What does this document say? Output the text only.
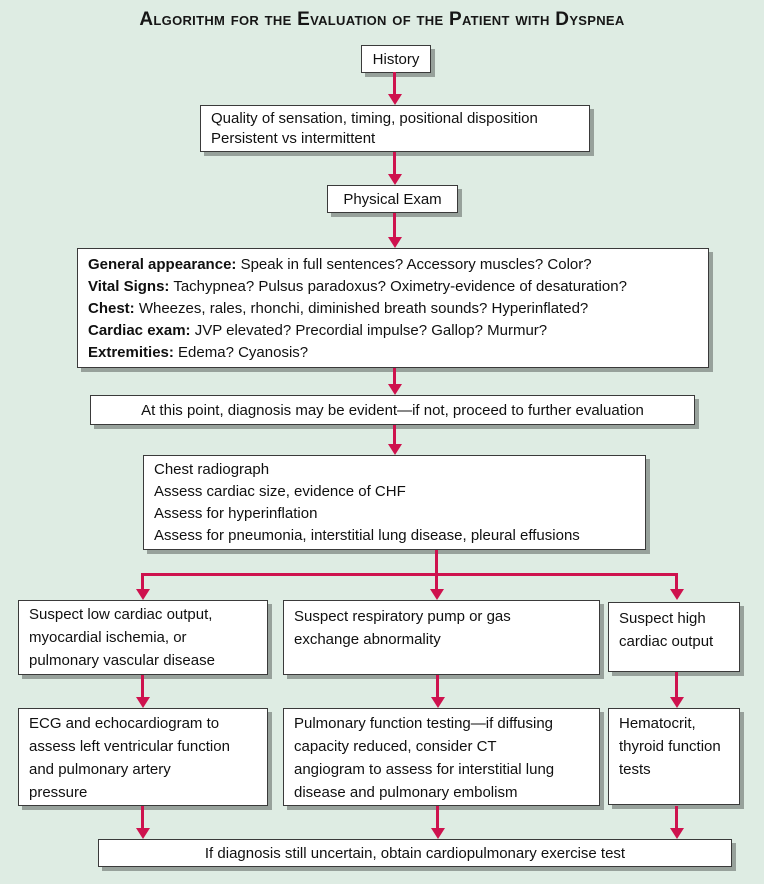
Algorithm for the Evaluation of the Patient with Dyspnea
History
Quality of sensation, timing, positional disposition
Persistent vs intermittent
Physical Exam
General appearance: Speak in full sentences? Accessory muscles? Color?
Vital Signs: Tachypnea? Pulsus paradoxus? Oximetry-evidence of desaturation?
Chest: Wheezes, rales, rhonchi, diminished breath sounds? Hyperinflated?
Cardiac exam: JVP elevated? Precordial impulse? Gallop? Murmur?
Extremities: Edema? Cyanosis?
At this point, diagnosis may be evident—if not, proceed to further evaluation
Chest radiograph
Assess cardiac size, evidence of CHF
Assess for hyperinflation
Assess for pneumonia, interstitial lung disease, pleural effusions
Suspect low cardiac output,
myocardial ischemia, or
pulmonary vascular disease
Suspect respiratory pump or gas
exchange abnormality
Suspect high
cardiac output
ECG and echocardiogram to
assess left ventricular function
and pulmonary artery
pressure
Pulmonary function testing—if diffusing
capacity reduced, consider CT
angiogram to assess for interstitial lung
disease and pulmonary embolism
Hematocrit,
thyroid function
tests
If diagnosis still uncertain, obtain cardiopulmonary exercise test
